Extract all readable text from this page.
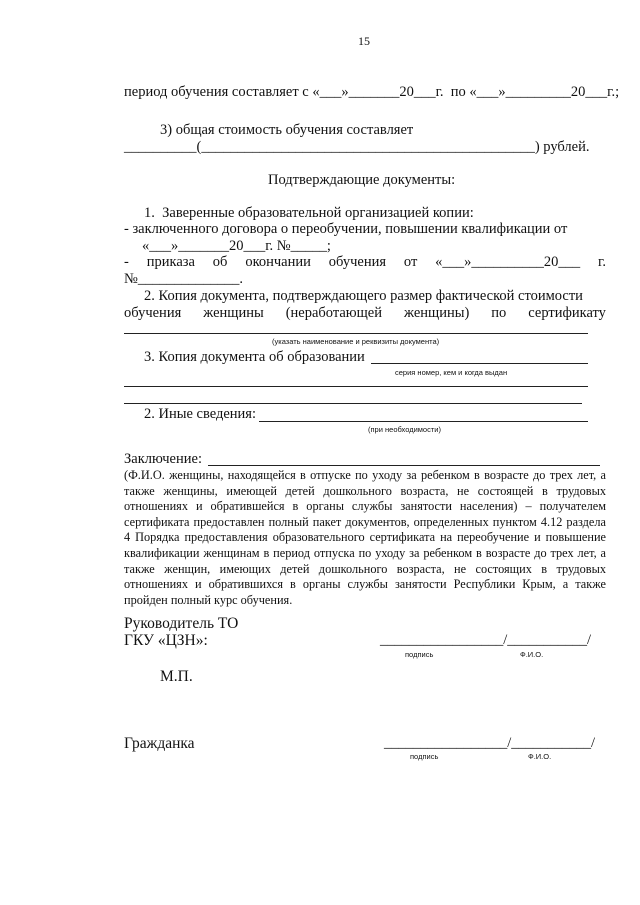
15
период обучения составляет с «___»_______20___г.  по «___»_________20___г.;
3) общая стоимость обучения составляет
__________(______________________________________________) рублей.
Подтверждающие документы:
1.  Заверенные образовательной организацией копии:
- заключенного договора о переобучении, повышении квалификации от
«___»_______20___г. №_____;
- приказа об окончании обучения от «___»__________20___ г.
№______________.
2. Копия документа, подтверждающего размер фактической стоимости
обучения женщины (неработающей женщины) по сертификату
(указать наименование и реквизиты документа)
3. Копия документа об образовании
серия номер, кем и когда выдан
2. Иные сведения:
(при необходимости)
Заключение:
(Ф.И.О. женщины, находящейся в отпуске по уходу за ребенком в возрасте до трех лет, а также женщины, имеющей детей дошкольного возраста, не состоящей в трудовых отношениях и обратившейся в органы службы занятости населения) – получателем сертификата предоставлен полный пакет документов, определенных пунктом 4.12 раздела 4 Порядка предоставления образовательного сертификата на переобучение и повышение квалификации женщинам в период отпуска по уходу за ребенком в возрасте до трех лет, а также женщин, имеющих детей дошкольного возраста, не состоящих в трудовых отношениях и обратившихся в органы службы занятости Республики Крым, а также пройден полный курс обучения.
Руководитель ТО
ГКУ «ЦЗН»:	_________________/___________/
подпись	Ф.И.О.
М.П.
Гражданка	_________________/___________/
подпись	Ф.И.О.
